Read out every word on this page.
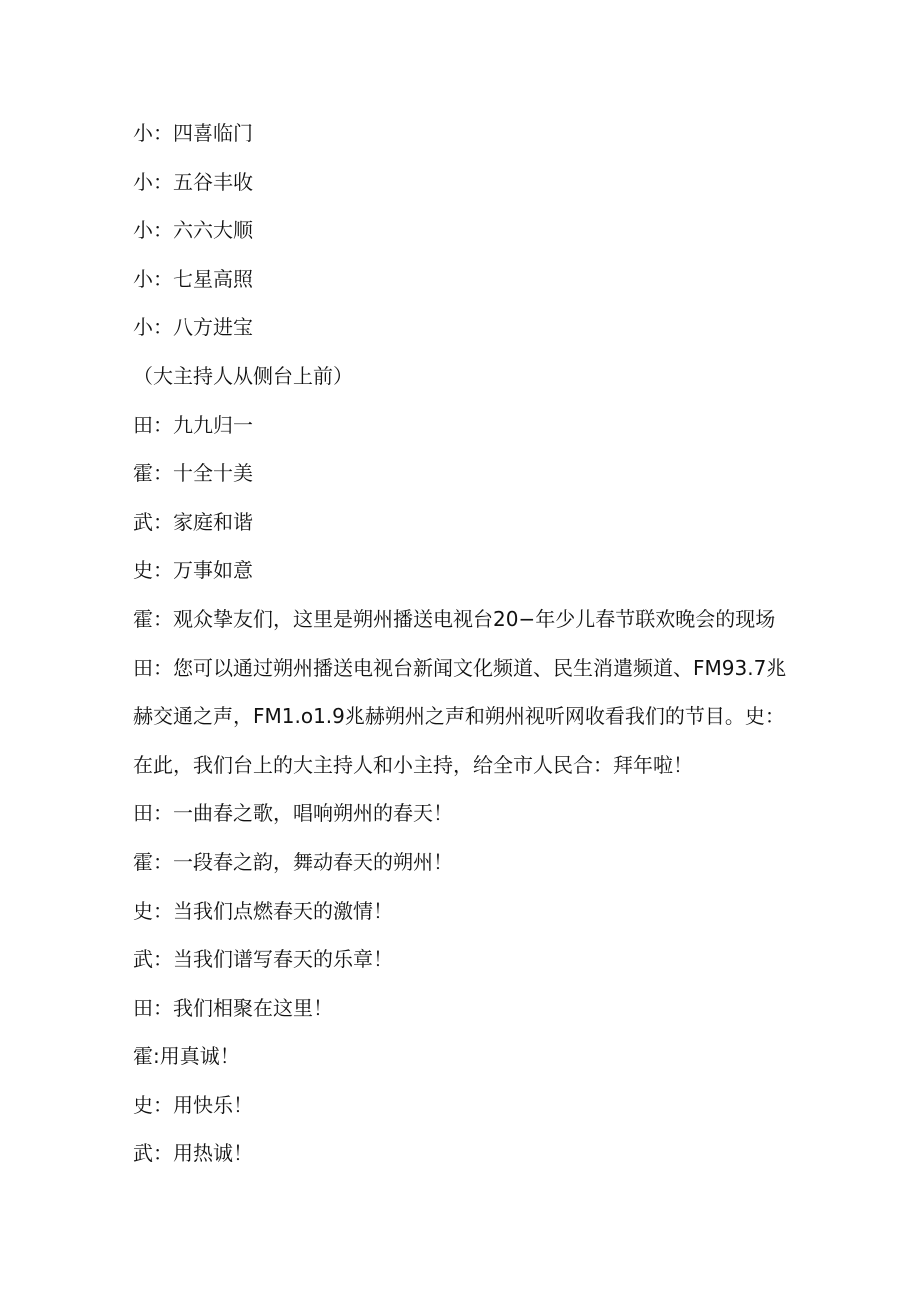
小：四喜临门
小：五谷丰收
小：六六大顺
小：七星高照
小：八方进宝
（大主持人从侧台上前）
田：九九归一
霍：十全十美
武：家庭和谐
史：万事如意
霍：观众挚友们，这里是朔州播送电视台20−年少儿春节联欢晚会的现场
田：您可以通过朔州播送电视台新闻文化频道、民生消遣频道、FM93.7兆
赫交通之声，FM1.o1.9兆赫朔州之声和朔州视听网收看我们的节目。史：
在此，我们台上的大主持人和小主持，给全市人民合：拜年啦！
田：一曲春之歌，唱响朔州的春天！
霍：一段春之韵，舞动春天的朔州！
史：当我们点燃春天的激情！
武：当我们谱写春天的乐章！
田：我们相聚在这里！
霍:用真诚！
史：用快乐！
武：用热诚！
